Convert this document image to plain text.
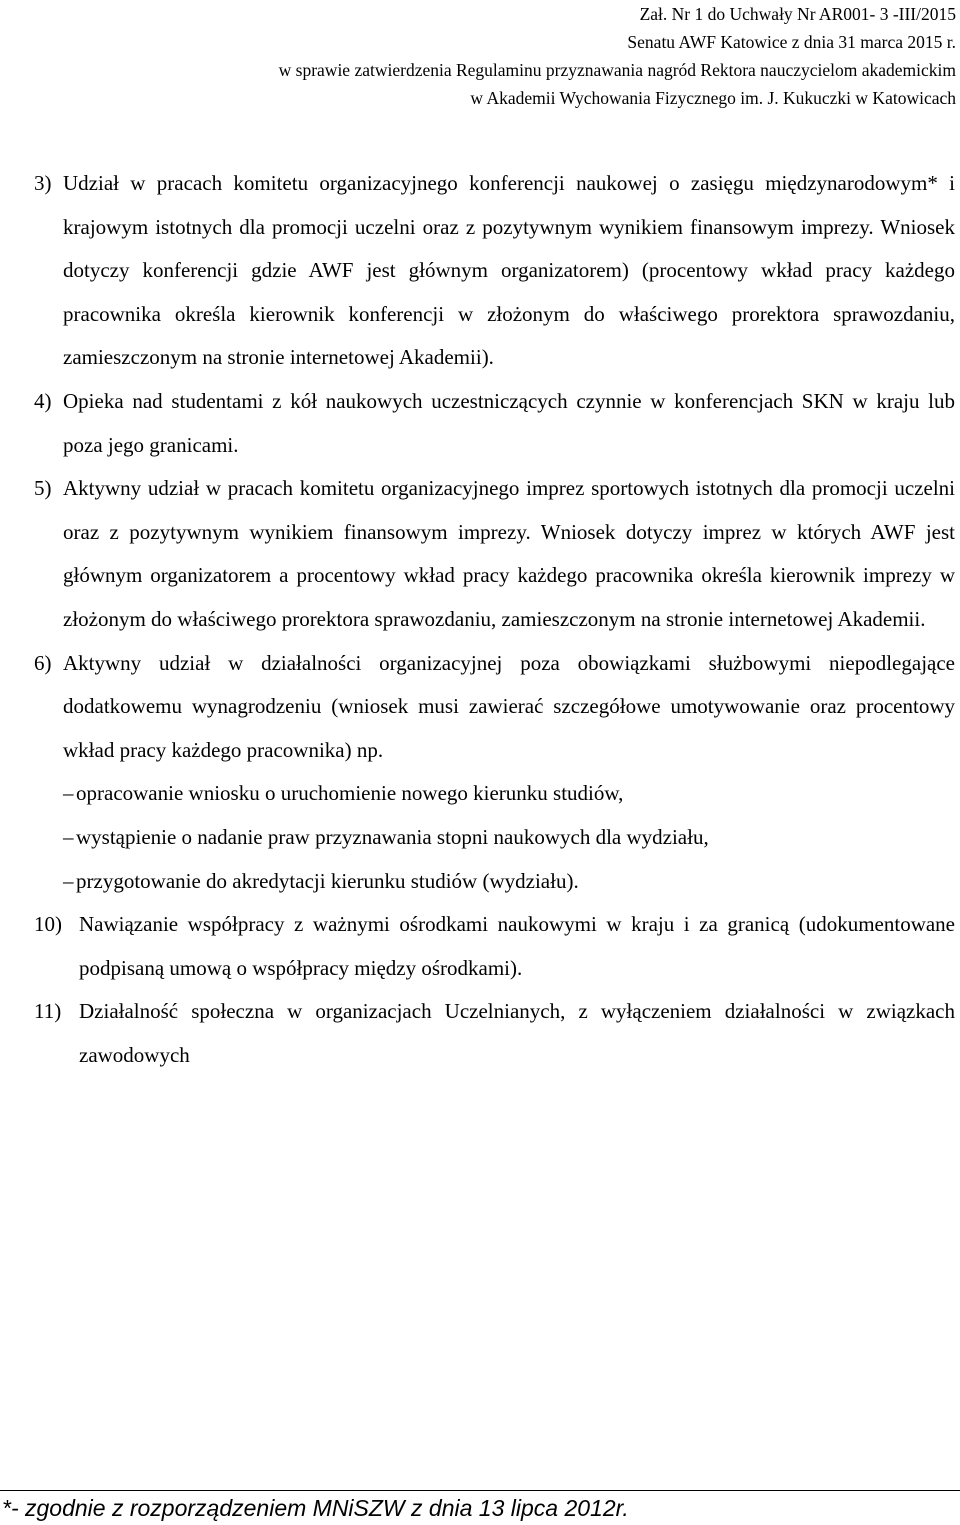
Zał. Nr 1 do Uchwały Nr AR001- 3 -III/2015
Senatu AWF Katowice z dnia 31 marca 2015 r.
w sprawie zatwierdzenia Regulaminu przyznawania nagród Rektora nauczycielom akademickim
w Akademii Wychowania Fizycznego im. J. Kukuczki w Katowicach
3) Udział w pracach komitetu organizacyjnego konferencji naukowej o zasięgu międzynarodowym* i krajowym istotnych dla promocji uczelni oraz z pozytywnym wynikiem finansowym imprezy. Wniosek dotyczy konferencji gdzie AWF jest głównym organizatorem) (procentowy wkład pracy każdego pracownika określa kierownik konferencji w złożonym do właściwego prorektora sprawozdaniu, zamieszczonym na stronie internetowej Akademii).
4) Opieka nad studentami z kół naukowych uczestniczących czynnie w konferencjach SKN w kraju lub poza jego granicami.
5) Aktywny udział w pracach komitetu organizacyjnego imprez sportowych istotnych dla promocji uczelni oraz z pozytywnym wynikiem finansowym imprezy. Wniosek dotyczy imprez w których AWF jest głównym organizatorem a procentowy wkład pracy każdego pracownika określa kierownik imprezy w złożonym do właściwego prorektora sprawozdaniu, zamieszczonym na stronie internetowej Akademii.
6) Aktywny udział w działalności organizacyjnej poza obowiązkami służbowymi niepodlegające dodatkowemu wynagrodzeniu (wniosek musi zawierać szczegółowe umotywowanie oraz procentowy wkład pracy każdego pracownika) np.
– opracowanie wniosku o uruchomienie nowego kierunku studiów,
– wystąpienie o nadanie praw przyznawania stopni naukowych dla wydziału,
– przygotowanie do akredytacji kierunku studiów (wydziału).
10) Nawiązanie współpracy z ważnymi ośrodkami naukowymi w kraju i za granicą (udokumentowane podpisaną umową o współpracy między ośrodkami).
11) Działalność społeczna w organizacjach Uczelnianych, z wyłączeniem działalności w związkach zawodowych
*- zgodnie z rozporządzeniem MNiSZW z dnia 13 lipca 2012r.
